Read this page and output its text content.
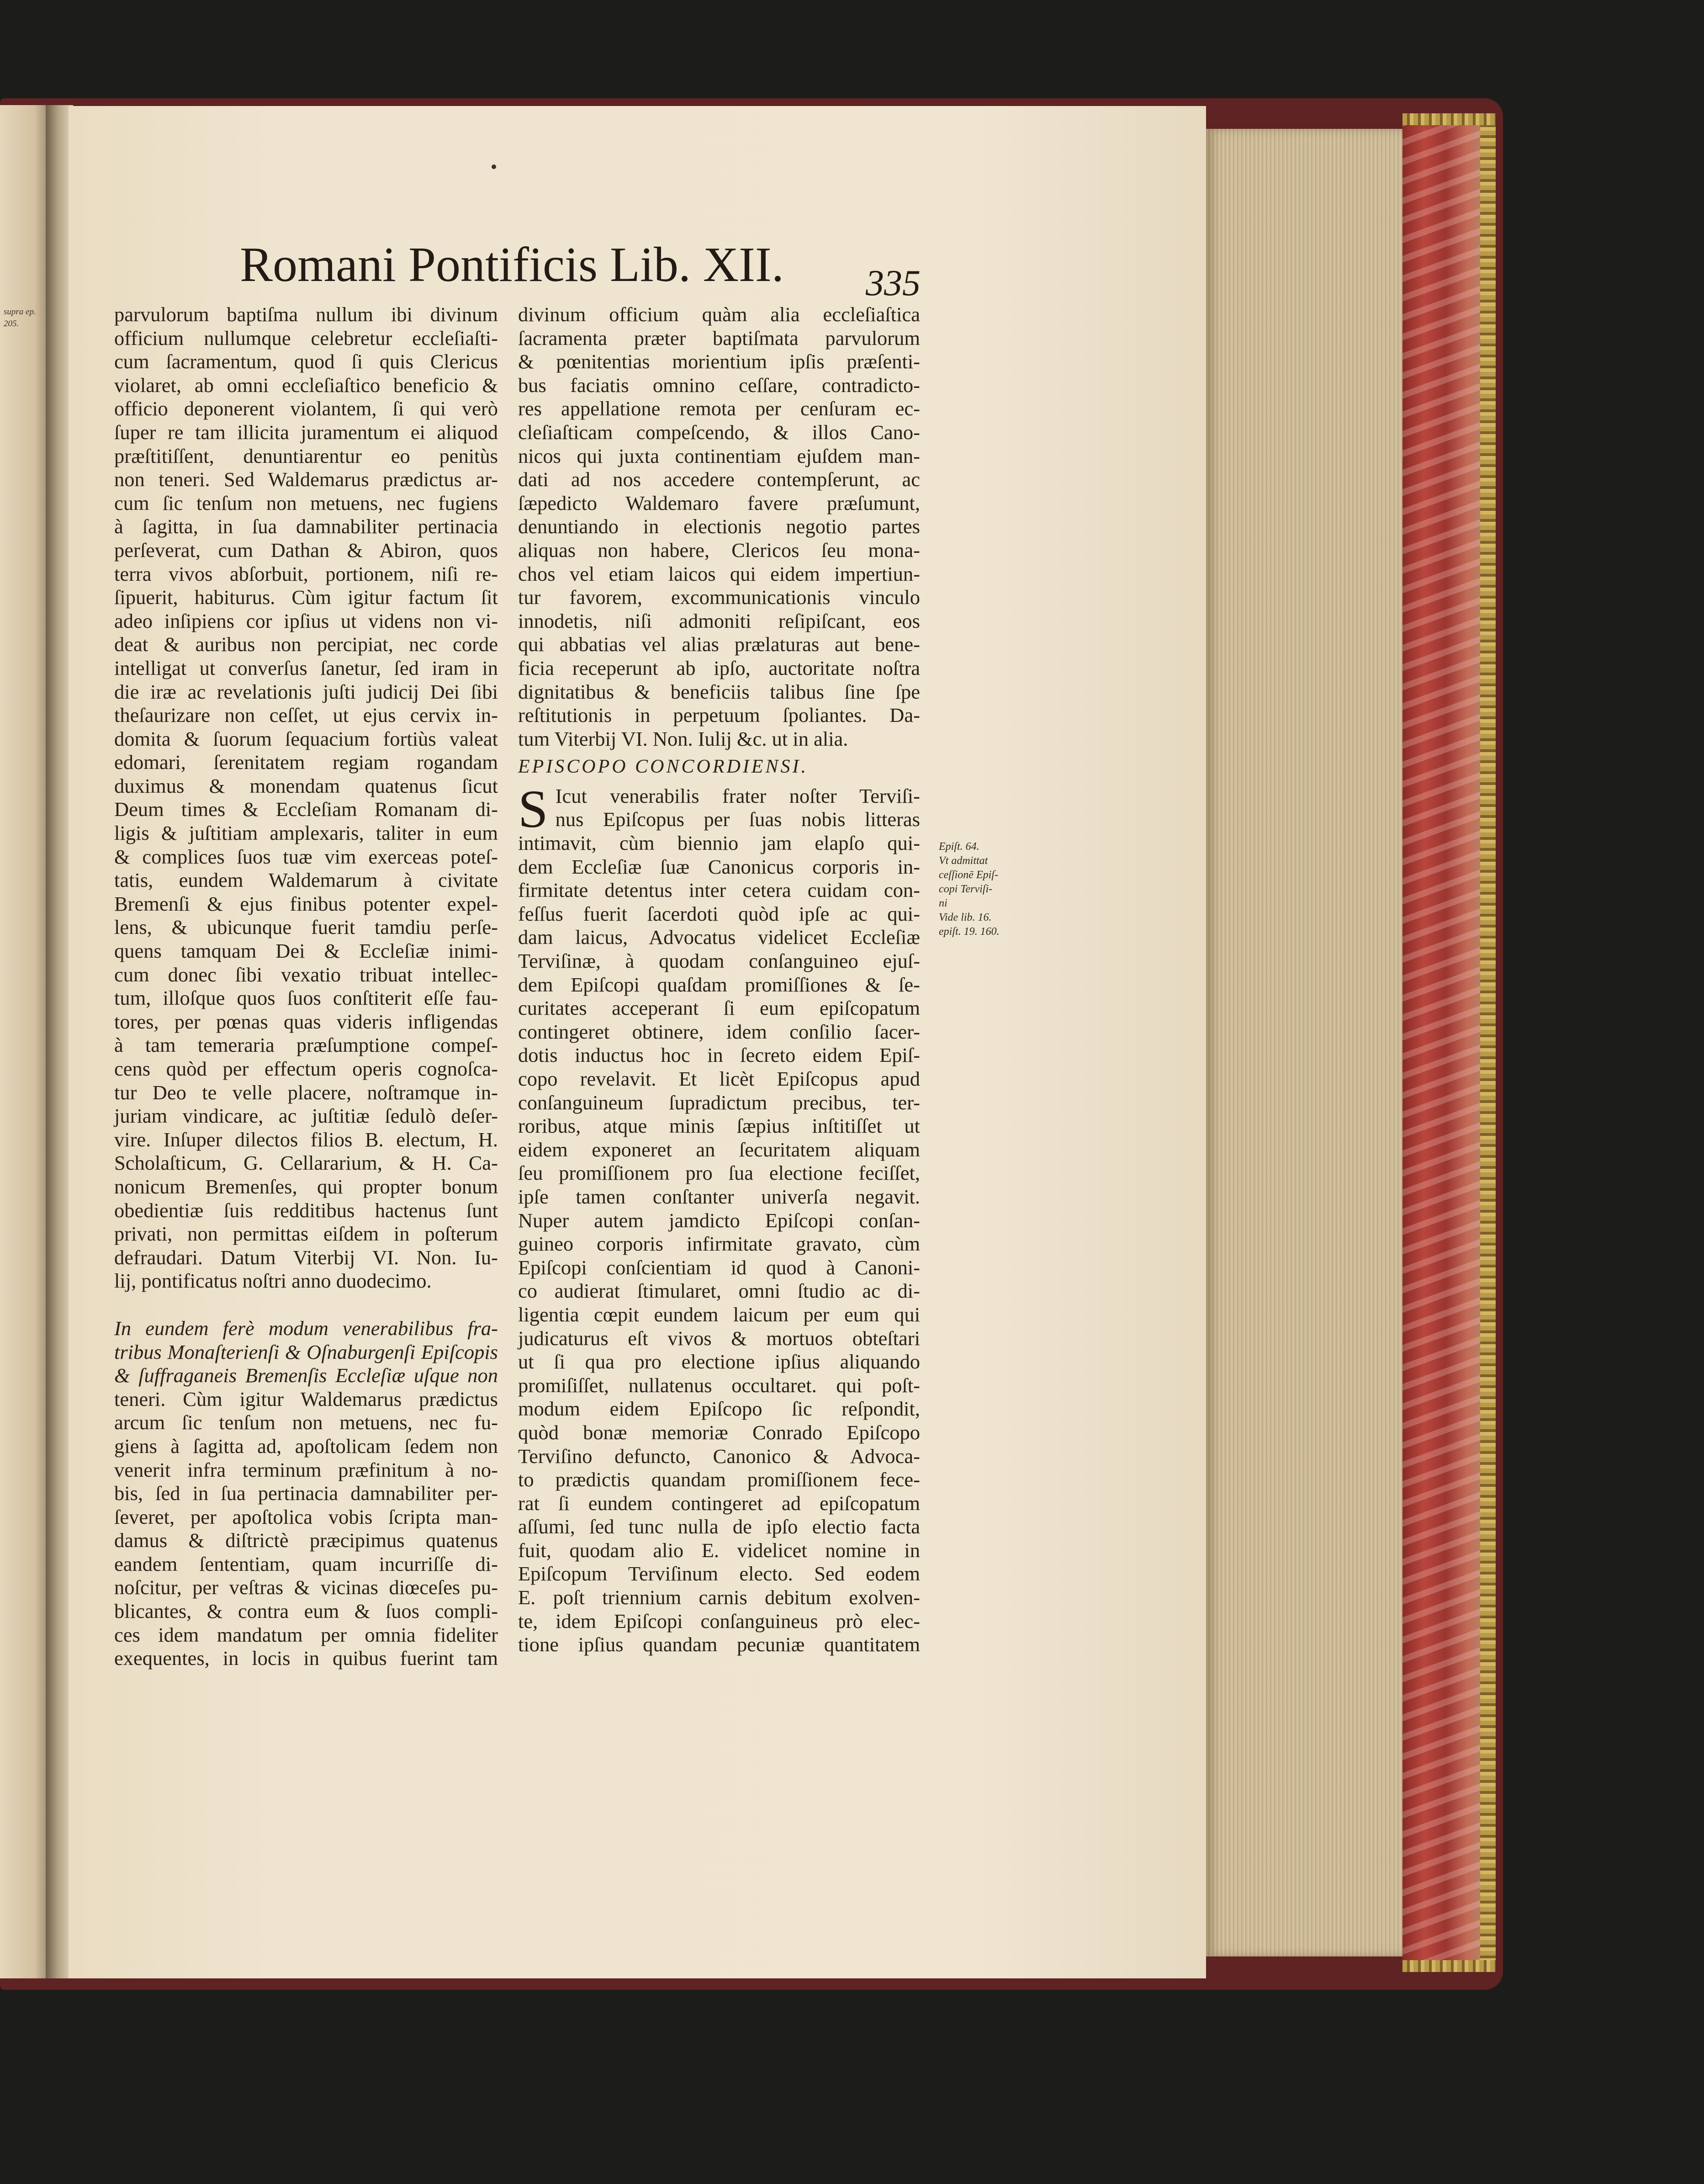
supra ep. 205.
Romani Pontificis Lib. XII. 335
parvulorum baptiſma nullum ibi divinum
officium nullumque celebretur eccleſiaſti-
cum ſacramentum, quod ſi quis Clericus
violaret, ab omni eccleſiaſtico beneficio &
officio deponerent violantem, ſi qui verò
ſuper re tam illicita juramentum ei aliquod
præſtitiſſent, denuntiarentur eo penitùs
non teneri. Sed Waldemarus prædictus ar-
cum ſic tenſum non metuens, nec fugiens
à ſagitta, in ſua damnabiliter pertinacia
perſeverat, cum Dathan & Abiron, quos
terra vivos abſorbuit, portionem, niſi re-
ſipuerit, habiturus. Cùm igitur factum ſit
adeo inſipiens cor ipſius ut videns non vi-
deat & auribus non percipiat, nec corde
intelligat ut converſus ſanetur, ſed iram in
die iræ ac revelationis juſti judicij Dei ſibi
theſaurizare non ceſſet, ut ejus cervix in-
domita & ſuorum ſequacium fortiùs valeat
edomari, ſerenitatem regiam rogandam
duximus & monendam quatenus ſicut
Deum times & Eccleſiam Romanam di-
ligis & juſtitiam amplexaris, taliter in eum
& complices ſuos tuæ vim exerceas poteſ-
tatis, eundem Waldemarum à civitate
Bremenſi & ejus finibus potenter expel-
lens, & ubicunque fuerit tamdiu perſe-
quens tamquam Dei & Eccleſiæ inimi-
cum donec ſibi vexatio tribuat intellec-
tum, illoſque quos ſuos conſtiterit eſſe fau-
tores, per pœnas quas videris infligendas
à tam temeraria præſumptione compeſ-
cens quòd per effectum operis cognoſca-
tur Deo te velle placere, noſtramque in-
juriam vindicare, ac juſtitiæ ſedulò deſer-
vire. Inſuper dilectos filios B. electum, H.
Scholaſticum, G. Cellararium, & H. Ca-
nonicum Bremenſes, qui propter bonum
obedientiæ ſuis redditibus hactenus ſunt
privati, non permittas eiſdem in poſterum
defraudari. Datum Viterbij VI. Non. Iu-
lij, pontificatus noſtri anno duodecimo.
In eundem ferè modum venerabilibus fra-
tribus Monaſterienſi & Oſnaburgenſi Epiſcopis
& ſuffraganeis Bremenſis Eccleſiæ uſque non
teneri. Cùm igitur Waldemarus prædictus
arcum ſic tenſum non metuens, nec fu-
giens à ſagitta ad, apoſtolicam ſedem non
venerit infra terminum præfinitum à no-
bis, ſed in ſua pertinacia damnabiliter per-
ſeveret, per apoſtolica vobis ſcripta man-
damus & diſtrictè præcipimus quatenus
eandem ſententiam, quam incurriſſe di-
noſcitur, per veſtras & vicinas diœceſes pu-
blicantes, & contra eum & ſuos compli-
ces idem mandatum per omnia fideliter
exequentes, in locis in quibus fuerint tam
divinum officium quàm alia eccleſiaſtica
ſacramenta præter baptiſmata parvulorum
& pœnitentias morientium ipſis præſenti-
bus faciatis omnino ceſſare, contradicto-
res appellatione remota per cenſuram ec-
cleſiaſticam compeſcendo, & illos Cano-
nicos qui juxta continentiam ejuſdem man-
dati ad nos accedere contempſerunt, ac
ſæpedicto Waldemaro favere præſumunt,
denuntiando in electionis negotio partes
aliquas non habere, Clericos ſeu mona-
chos vel etiam laicos qui eidem impertiun-
tur favorem, excommunicationis vinculo
innodetis, niſi admoniti reſipiſcant, eos
qui abbatias vel alias prælaturas aut bene-
ficia receperunt ab ipſo, auctoritate noſtra
dignitatibus & beneficiis talibus ſine ſpe
reſtitutionis in perpetuum ſpoliantes. Da-
tum Viterbij VI. Non. Iulij &c. ut in alia.
EPISCOPO CONCORDIENSI.
S Icut venerabilis frater noſter Terviſi-
nus Epiſcopus per ſuas nobis litteras
intimavit, cùm biennio jam elapſo qui-
dem Eccleſiæ ſuæ Canonicus corporis in-
firmitate detentus inter cetera cuidam con-
feſſus fuerit ſacerdoti quòd ipſe ac qui-
dam laicus, Advocatus videlicet Eccleſiæ
Terviſinæ, à quodam conſanguineo ejuſ-
dem Epiſcopi quaſdam promiſſiones & ſe-
curitates acceperant ſi eum epiſcopatum
contingeret obtinere, idem conſilio ſacer-
dotis inductus hoc in ſecreto eidem Epiſ-
copo revelavit. Et licèt Epiſcopus apud
conſanguineum ſupradictum precibus, ter-
roribus, atque minis ſæpius inſtitiſſet ut
eidem exponeret an ſecuritatem aliquam
ſeu promiſſionem pro ſua electione feciſſet,
ipſe tamen conſtanter univerſa negavit.
Nuper autem jamdicto Epiſcopi conſan-
guineo corporis infirmitate gravato, cùm
Epiſcopi conſcientiam id quod à Canoni-
co audierat ſtimularet, omni ſtudio ac di-
ligentia cœpit eundem laicum per eum qui
judicaturus eſt vivos & mortuos obteſtari
ut ſi qua pro electione ipſius aliquando
promiſiſſet, nullatenus occultaret. qui poſt-
modum eidem Epiſcopo ſic reſpondit,
quòd bonæ memoriæ Conrado Epiſcopo
Terviſino defuncto, Canonico & Advoca-
to prædictis quandam promiſſionem fece-
rat ſi eundem contingeret ad epiſcopatum
aſſumi, ſed tunc nulla de ipſo electio facta
fuit, quodam alio E. videlicet nomine in
Epiſcopum Terviſinum electo. Sed eodem
E. poſt triennium carnis debitum exolven-
te, idem Epiſcopi conſanguineus prò elec-
tione ipſius quandam pecuniæ quantitatem
Epiſt. 64.
Vt admittat
ceſſionē Epiſ-
copi Terviſi-
ni
Vide lib. 16.
epiſt. 19. 160.
